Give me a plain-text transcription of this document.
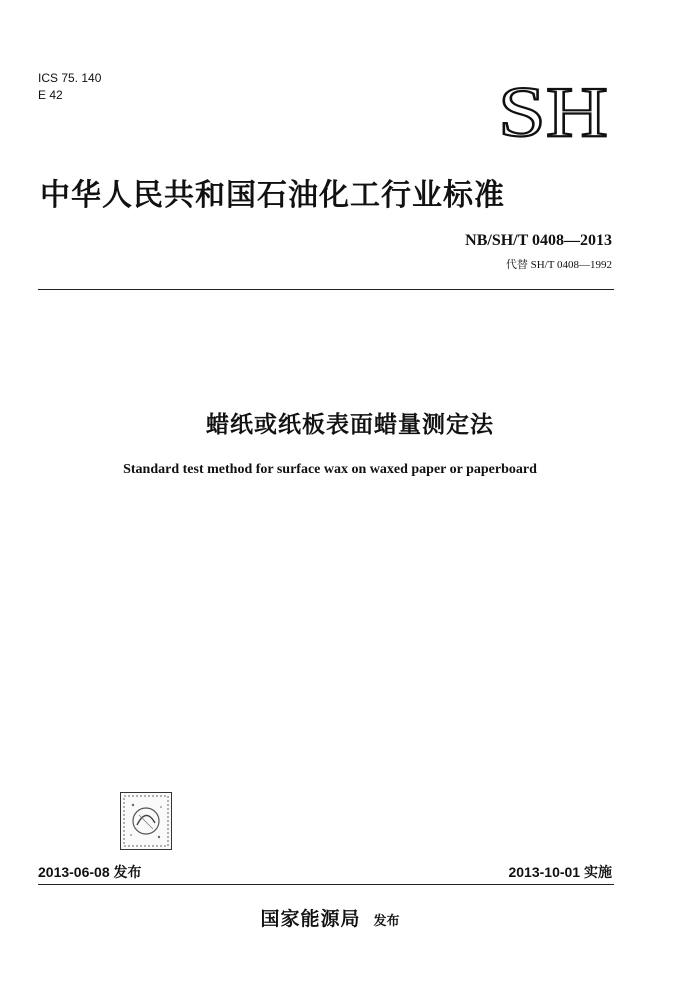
ICS 75. 140
E 42	SH
中华人民共和国石油化工行业标准
NB/SH/T 0408—2013
代替 SH/T 0408—1992
蜡纸或纸板表面蜡量测定法
Standard test method for surface wax on waxed paper or paperboard
2013-06-08 发布	2013-10-01 实施
国家能源局 发布
